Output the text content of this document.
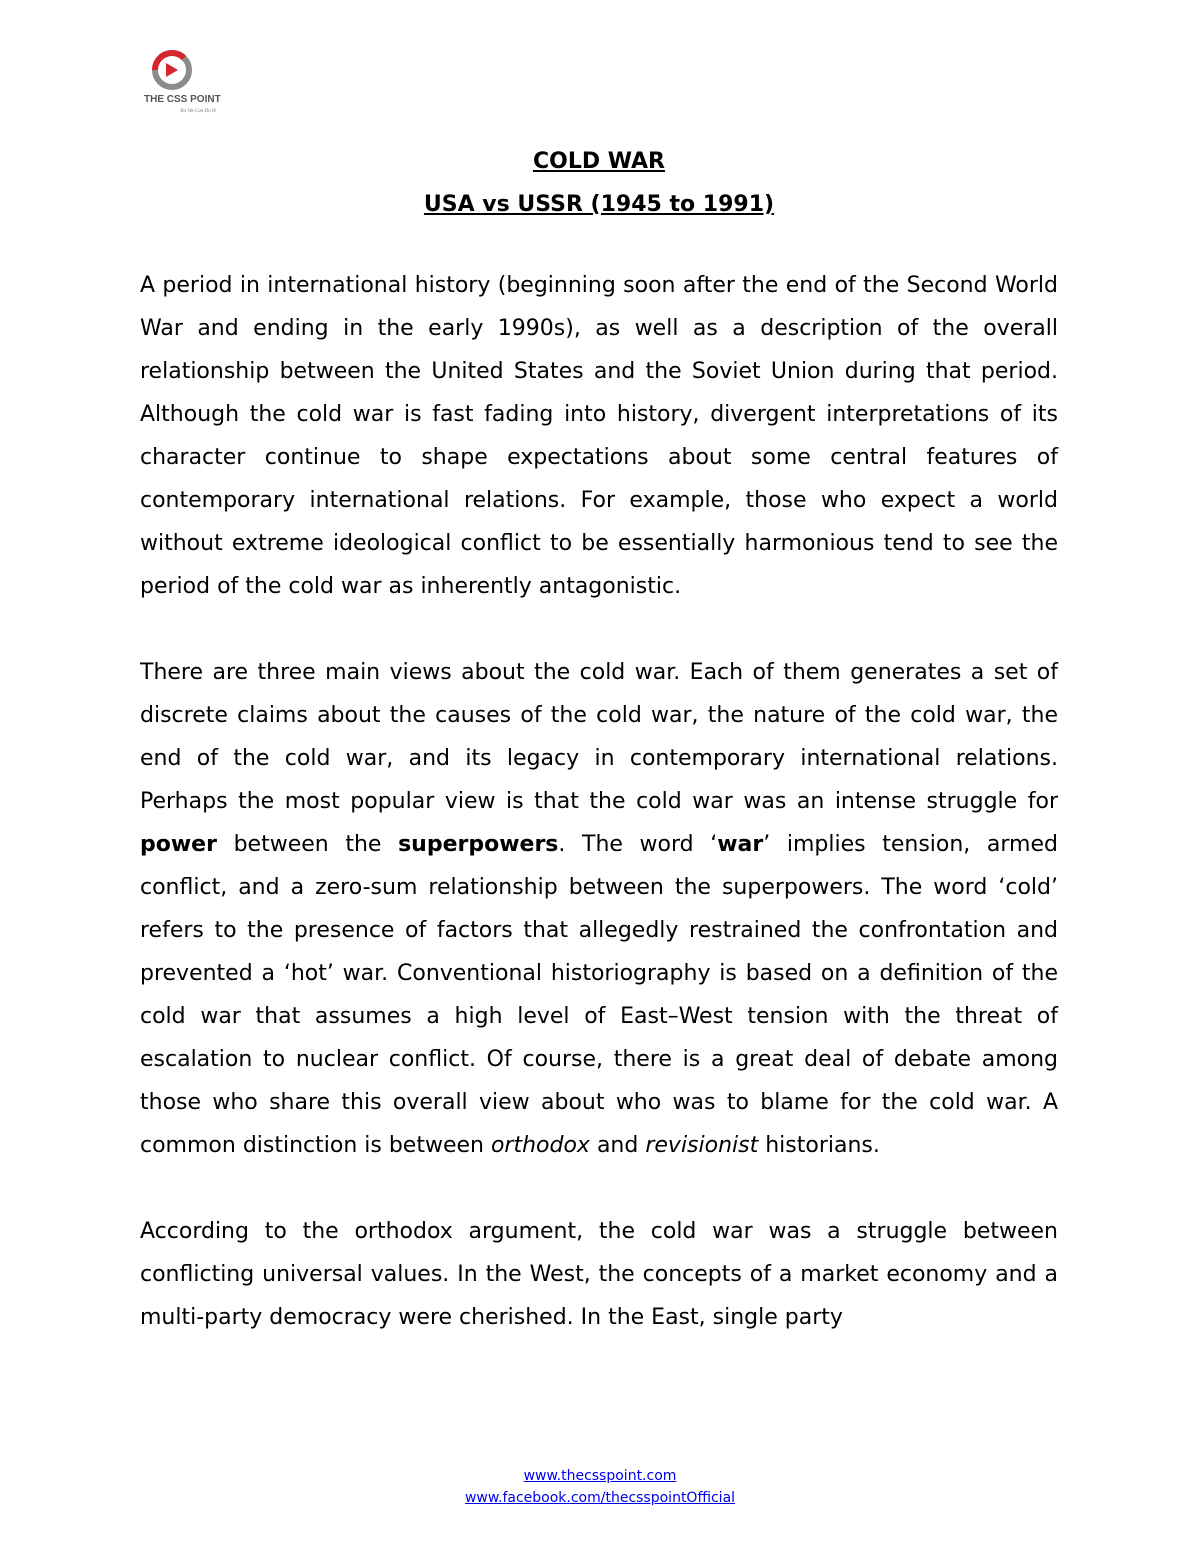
THE CSS POINT
Yes We Can Do It!
COLD WAR
USA vs USSR (1945 to 1991)

A period in international history (beginning soon after the end of the Second World War and ending in the early 1990s), as well as a description of the overall relationship between the United States and the Soviet Union during that period. Although the cold war is fast fading into history, divergent interpretations of its character continue to shape expectations about some central features of contemporary international relations. For example, those who expect a world without extreme ideological conflict to be essentially harmonious tend to see the period of the cold war as inherently antagonistic.

There are three main views about the cold war. Each of them generates a set of discrete claims about the causes of the cold war, the nature of the cold war, the end of the cold war, and its legacy in contemporary international relations. Perhaps the most popular view is that the cold war was an intense struggle for power between the superpowers. The word ‘war’ implies tension, armed conflict, and a zero-sum relationship between the superpowers. The word ‘cold’ refers to the presence of factors that allegedly restrained the confrontation and prevented a ‘hot’ war. Conventional historiography is based on a definition of the cold war that assumes a high level of East–West tension with the threat of escalation to nuclear conflict. Of course, there is a great deal of debate among those who share this overall view about who was to blame for the cold war. A common distinction is between orthodox and revisionist historians.

According to the orthodox argument, the cold war was a struggle between conflicting universal values. In the West, the concepts of a market economy and a multi-party democracy were cherished. In the East, single party

www.thecsspoint.com
www.facebook.com/thecsspointOfficial
